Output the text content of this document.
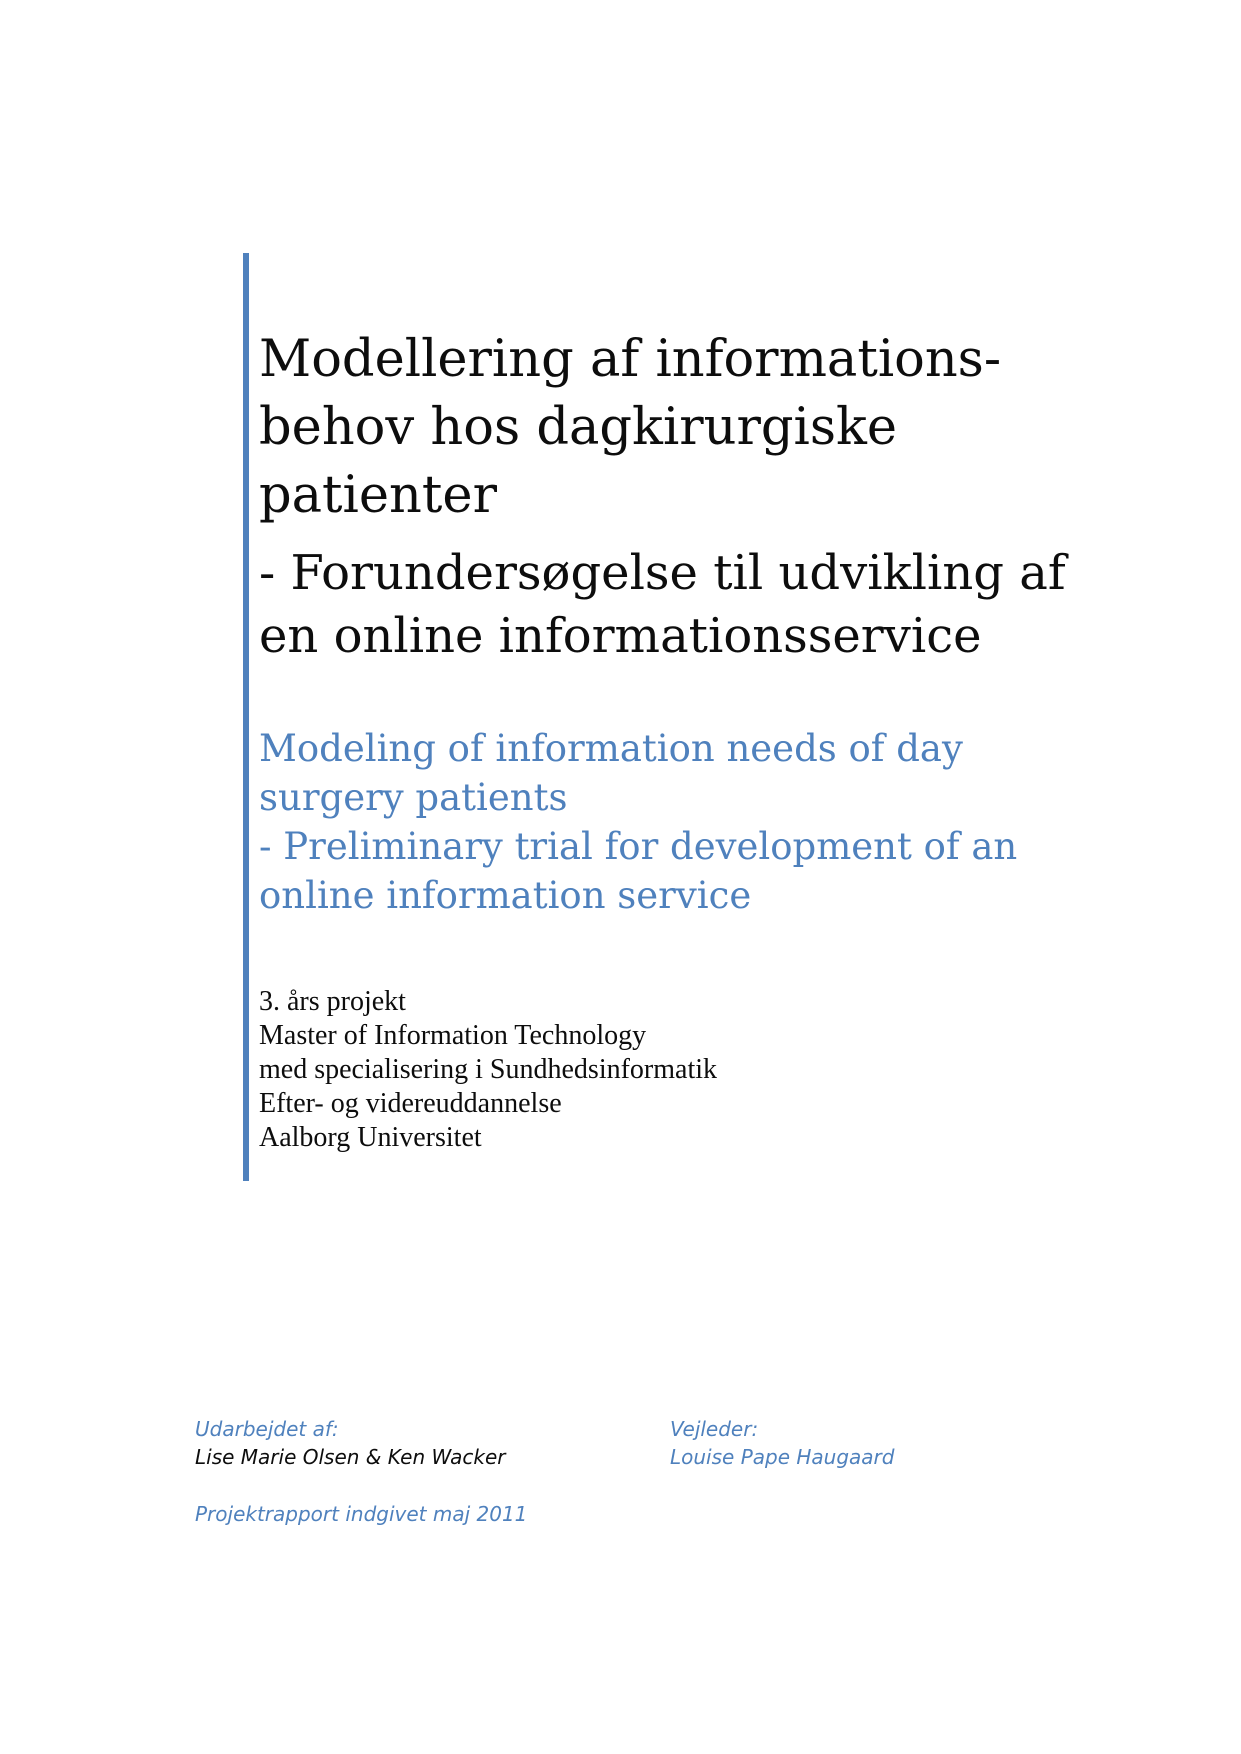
Modellering af informations-
behov hos dagkirurgiske
patienter
- Forundersøgelse til udvikling af
en online informationsservice
Modeling of information needs of day
surgery patients
- Preliminary trial for development of an
online information service
3. års projekt
Master of Information Technology
med specialisering i Sundhedsinformatik
Efter- og videreuddannelse
Aalborg Universitet
Udarbejdet af:
Lise Marie Olsen & Ken Wacker
Vejleder:
Louise Pape Haugaard
Projektrapport indgivet maj 2011
